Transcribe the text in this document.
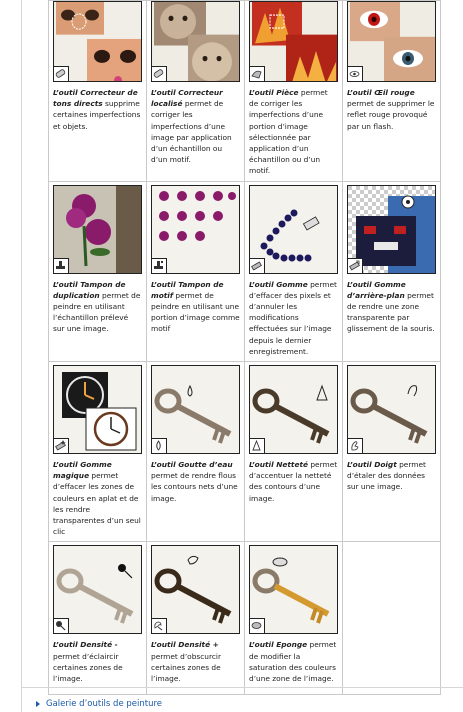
L’outil Correcteur de tons directs supprime certaines imperfections et objets.	L’outil Correcteur localisé permet de corriger les imperfections d’une image par application d’un échantillon ou d’un motif.	L’outil Pièce permet de corriger les imperfections d’une portion d’image sélectionnée par application d’un échantillon ou d’un motif.	L’outil Œil rouge permet de supprimer le reflet rouge provoqué par un flash.

L’outil Tampon de duplication permet de peindre en utilisant l’échantillon prélevé sur une image.	L’outil Tampon de motif permet de peindre en utilisant une portion d’image comme motif	L’outil Gomme permet d’effacer des pixels et d’annuler les modifications effectuées sur l’image depuis le dernier enregistrement.	L’outil Gomme d’arrière-plan permet de rendre une zone transparente par glissement de la souris.

L’outil Gomme magique permet d’effacer les zones de couleurs en aplat et de les rendre transparentes d’un seul clic	L’outil Goutte d’eau permet de rendre flous les contours nets d’une image.	L’outil Netteté permet d’accentuer la netteté des contours d’une image.	L’outil Doigt permet d’étaler des données sur une image.

L’outil Densité - permet d’éclaircir certaines zones de l’image.	L’outil Densité + permet d’obscurcir certaines zones de l’image.	L’outil Eponge permet de modifier la saturation des couleurs d’une zone de l’image.	

Galerie d’outils de peinture
